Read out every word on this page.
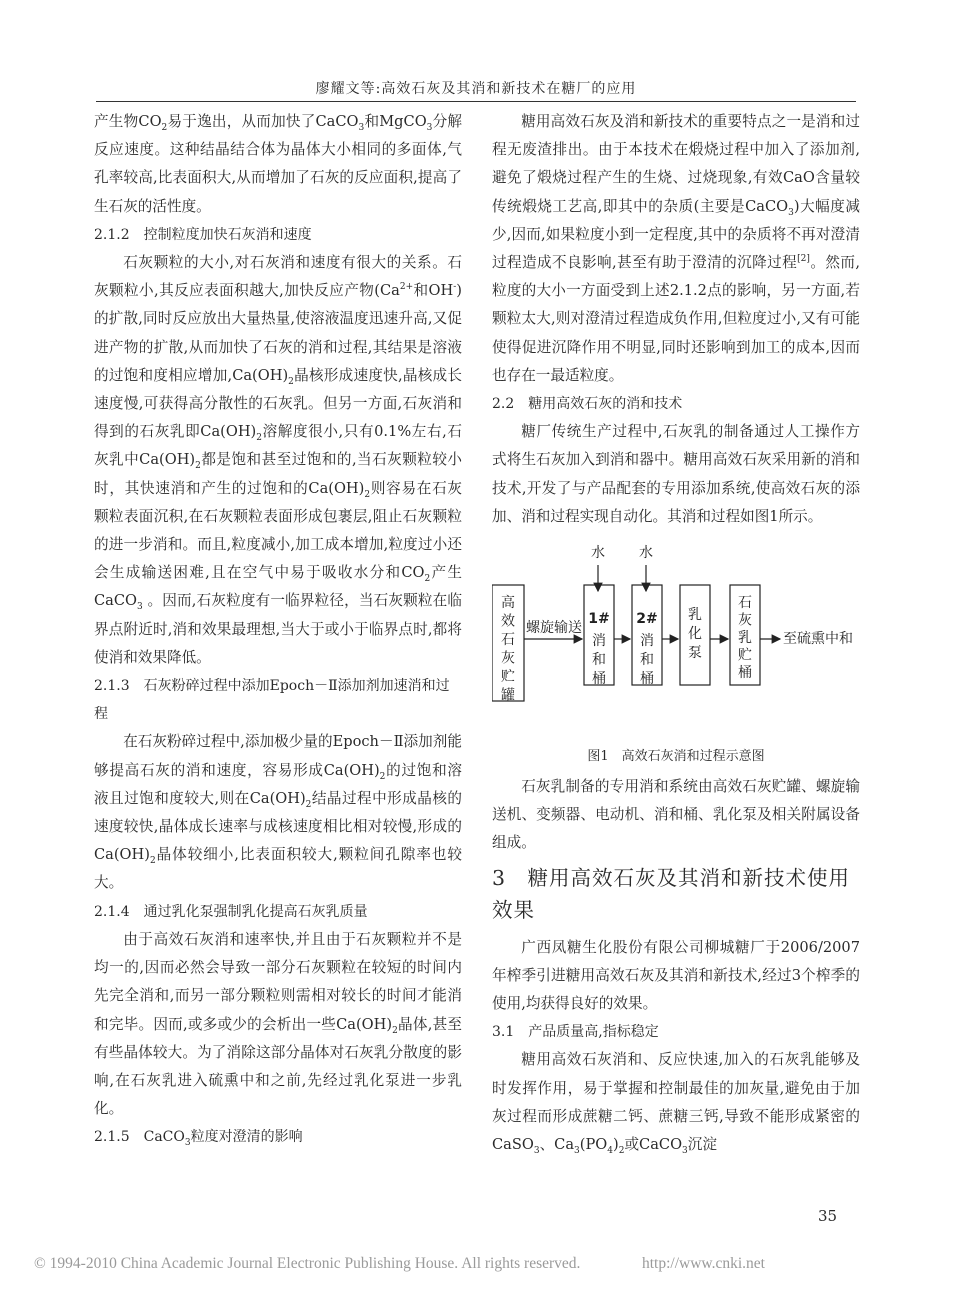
廖耀文等:高效石灰及其消和新技术在糖厂的应用

产生物$CO_2$易于逸出，从而加快了CaCO$_3$和MgCO$_3$分解反应速度。这种结晶结合体为晶体大小相同的多面体,气孔率较高,比表面积大,从而增加了石灰的反应面积,提高了生石灰的活性度。

2.1.2　控制粒度加快石灰消和速度

石灰颗粒的大小,对石灰消和速度有很大的关系。石灰颗粒小,其反应表面积越大,加快反应产物($Ca^{2+}$和OH-)的扩散,同时反应放出大量热量,使溶液温度迅速升高,又促进产物的扩散,从而加快了石灰的消和过程,其结果是溶液的过饱和度相应增加$,Ca(OH)_2$晶核形成速度快,晶核成长速度慢,可获得高分散性的石灰乳。但另一方面,石灰消和得到的石灰乳即$Ca(OH)_2$溶解度很小,只有0.1%左右,石灰乳中$Ca(OH)_2$都是饱和甚至过饱和的,当石灰颗粒较小时，其快速消和产生的过饱和的$Ca(OH)_2$则容易在石灰颗粒表面沉积,在石灰颗粒表面形成包裹层,阻止石灰颗粒的进一步消和。而且,粒度减小,加工成本增加,粒度过小还会生成输送困难,且在空气中易于吸收水分和$CO_2$产生CaCO$_3$ 。因而,石灰粒度有一临界粒径，当石灰颗粒在临界点附近时,消和效果最理想,当大于或小于临界点时,都将使消和效果降低。

2.1.3　石灰粉碎过程中添加Epoch－Ⅱ添加剂加速消和过程

在石灰粉碎过程中,添加极少量的Epoch－Ⅱ添加剂能够提高石灰的消和速度，容易形成$Ca(OH)_2$的过饱和溶液且过饱和度较大,则在$Ca(OH)_2$结晶过程中形成晶核的速度较快,晶体成长速率与成核速度相比相对较慢,形成的$Ca(OH)_2$晶体较细小,比表面积较大,颗粒间孔隙率也较大。

2.1.4　通过乳化泵强制乳化提高石灰乳质量

由于高效石灰消和速率快,并且由于石灰颗粒并不是均一的,因而必然会导致一部分石灰颗粒在较短的时间内先完全消和,而另一部分颗粒则需相对较长的时间才能消和完毕。因而,或多或少的会析出一些$Ca(OH)_2$晶体,甚至有些晶体较大。为了消除这部分晶体对石灰乳分散度的影响,在石灰乳进入硫熏中和之前,先经过乳化泵进一步乳化。

2.1.5　CaCO$_3$粒度对澄清的影响

糖用高效石灰及消和新技术的重要特点之一是消和过程无废渣排出。由于本技术在煅烧过程中加入了添加剂,避免了煅烧过程产生的生烧、过烧现象,有效CaO含量较传统煅烧工艺高,即其中的杂质(主要是CaCO$_3$)大幅度减少,因而,如果粒度小到一定程度,其中的杂质将不再对澄清过程造成不良影响,甚至有助于澄清的沉降过程[2]。然而,粒度的大小一方面受到上述2.1.2点的影响，另一方面,若颗粒太大,则对澄清过程造成负作用,但粒度过小,又有可能使得促进沉降作用不明显,同时还影响到加工的成本,因而也存在一最适粒度。

2.2　糖用高效石灰的消和技术

糖厂传统生产过程中,石灰乳的制备通过人工操作方式将生石灰加入到消和器中。糖用高效石灰采用新的消和技术,开发了与产品配套的专用添加系统,使高效石灰的添加、消和过程实现自动化。其消和过程如图1所示。

水 水
高
效
石
灰
贮
罐
螺旋输送
1#
消
和
桶
2#
消
和
桶
乳
化
泵
石
灰
乳
贮
桶
至硫熏中和
图1　高效石灰消和过程示意图

石灰乳制备的专用消和系统由高效石灰贮罐、螺旋输送机、变频器、电动机、消和桶、乳化泵及相关附属设备组成。

3　糖用高效石灰及其消和新技术使用效果

广西凤糖生化股份有限公司柳城糖厂于2006/2007年榨季引进糖用高效石灰及其消和新技术,经过3个榨季的使用,均获得良好的效果。

3.1　产品质量高,指标稳定

糖用高效石灰消和、反应快速,加入的石灰乳能够及时发挥作用，易于掌握和控制最佳的加灰量,避免由于加灰过程而形成蔗糖二钙、蔗糖三钙,导致不能形成紧密的CaSO$_3$、$Ca_3(PO_4)_2$或CaCO$_3$沉淀

35
© 1994-2010 China Academic Journal Electronic Publishing House. All rights reserved.	http://www.cnki.net
